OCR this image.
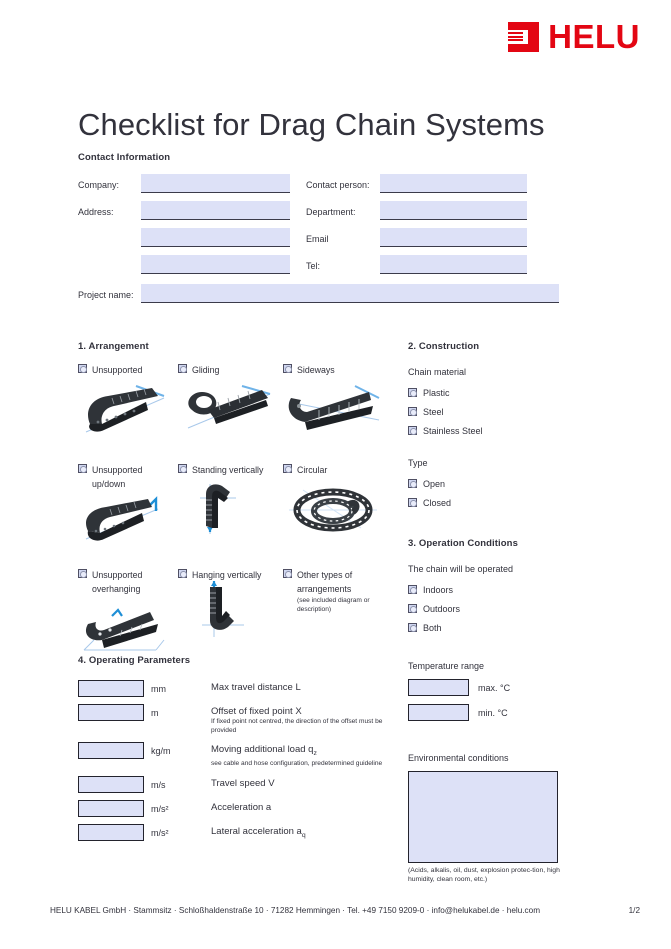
HELU
Checklist for Drag Chain Systems
Contact Information
Company:	Contact person:
Address:	Department:
Email
Tel:
Project name:
1. Arrangement
Unsupported	Gliding	Sideways
Unsupported up/down
Standing vertically	Circular
Unsupported overhanging
Hanging vertically	Other types of arrangements
(see included diagram or description)
2. Construction
Chain material
Plastic
Steel
Stainless Steel
Type
Open
Closed
3. Operation Conditions
The chain will be operated
Indoors
Outdoors
Both
4. Operating Parameters
mm	Max travel distance L
m	Offset of fixed point X
If fixed point not centred, the direction of the offset must be provided
kg/m	Moving additional load $q_z$
see cable and hose configuration, predetermined guideline
m/s	Travel speed V
m/s²	Acceleration a
m/s²	Lateral acceleration $a_q$
Temperature range
max. °C
min. °C
Environmental conditions
(Acids, alkalis, oil, dust, explosion protec-tion, high humidity, clean room, etc.)
HELU KABEL GmbH · Stammsitz · Schloßhaldenstraße 10 · 71282 Hemmingen · Tel. +49 7150 9209-0 · info@helukabel.de · helu.com	1/2
